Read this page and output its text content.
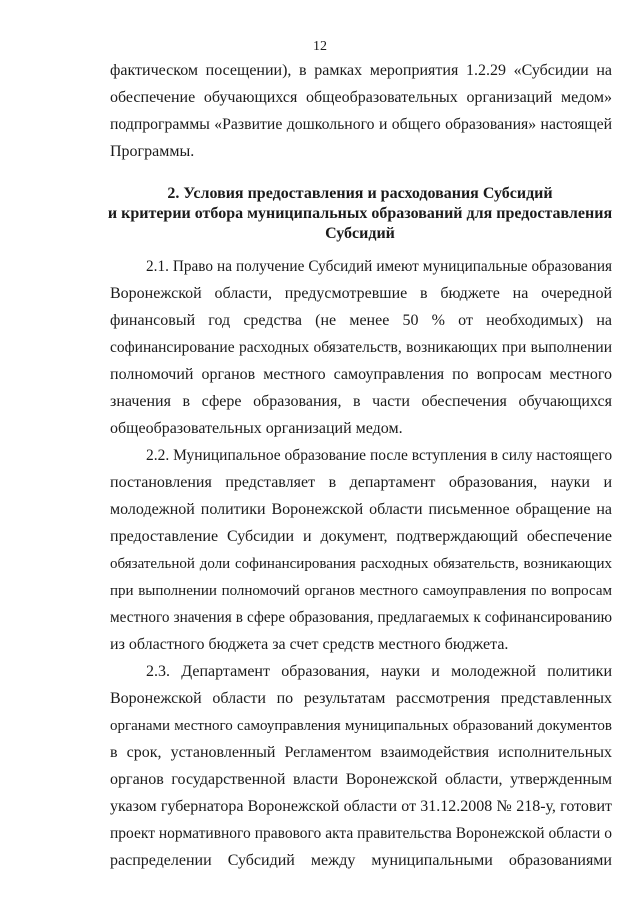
12
фактическом посещении), в рамках мероприятия 1.2.29 «Субсидии на
обеспечение обучающихся общеобразовательных организаций медом»
подпрограммы «Развитие дошкольного и общего образования» настоящей
Программы.
2. Условия предоставления и расходования Субсидий
и критерии отбора муниципальных образований для предоставления
Субсидий
2.1. Право на получение Субсидий имеют муниципальные образования
Воронежской области, предусмотревшие в бюджете на очередной
финансовый год средства (не менее 50 % от необходимых) на
софинансирование расходных обязательств, возникающих при выполнении
полномочий органов местного самоуправления по вопросам местного
значения в сфере образования, в части обеспечения обучающихся
общеобразовательных организаций медом.
2.2. Муниципальное образование после вступления в силу настоящего
постановления представляет в департамент образования, науки и
молодежной политики Воронежской области письменное обращение на
предоставление Субсидии и документ, подтверждающий обеспечение
обязательной доли софинансирования расходных обязательств, возникающих
при выполнении полномочий органов местного самоуправления по вопросам
местного значения в сфере образования, предлагаемых к софинансированию
из областного бюджета за счет средств местного бюджета.
2.3. Департамент образования, науки и молодежной политики
Воронежской области по результатам рассмотрения представленных
органами местного самоуправления муниципальных образований документов
в срок, установленный Регламентом взаимодействия исполнительных
органов государственной власти Воронежской области, утвержденным
указом губернатора Воронежской области от 31.12.2008 № 218-у, готовит
проект нормативного правового акта правительства Воронежской области о
распределении Субсидий между муниципальными образованиями
